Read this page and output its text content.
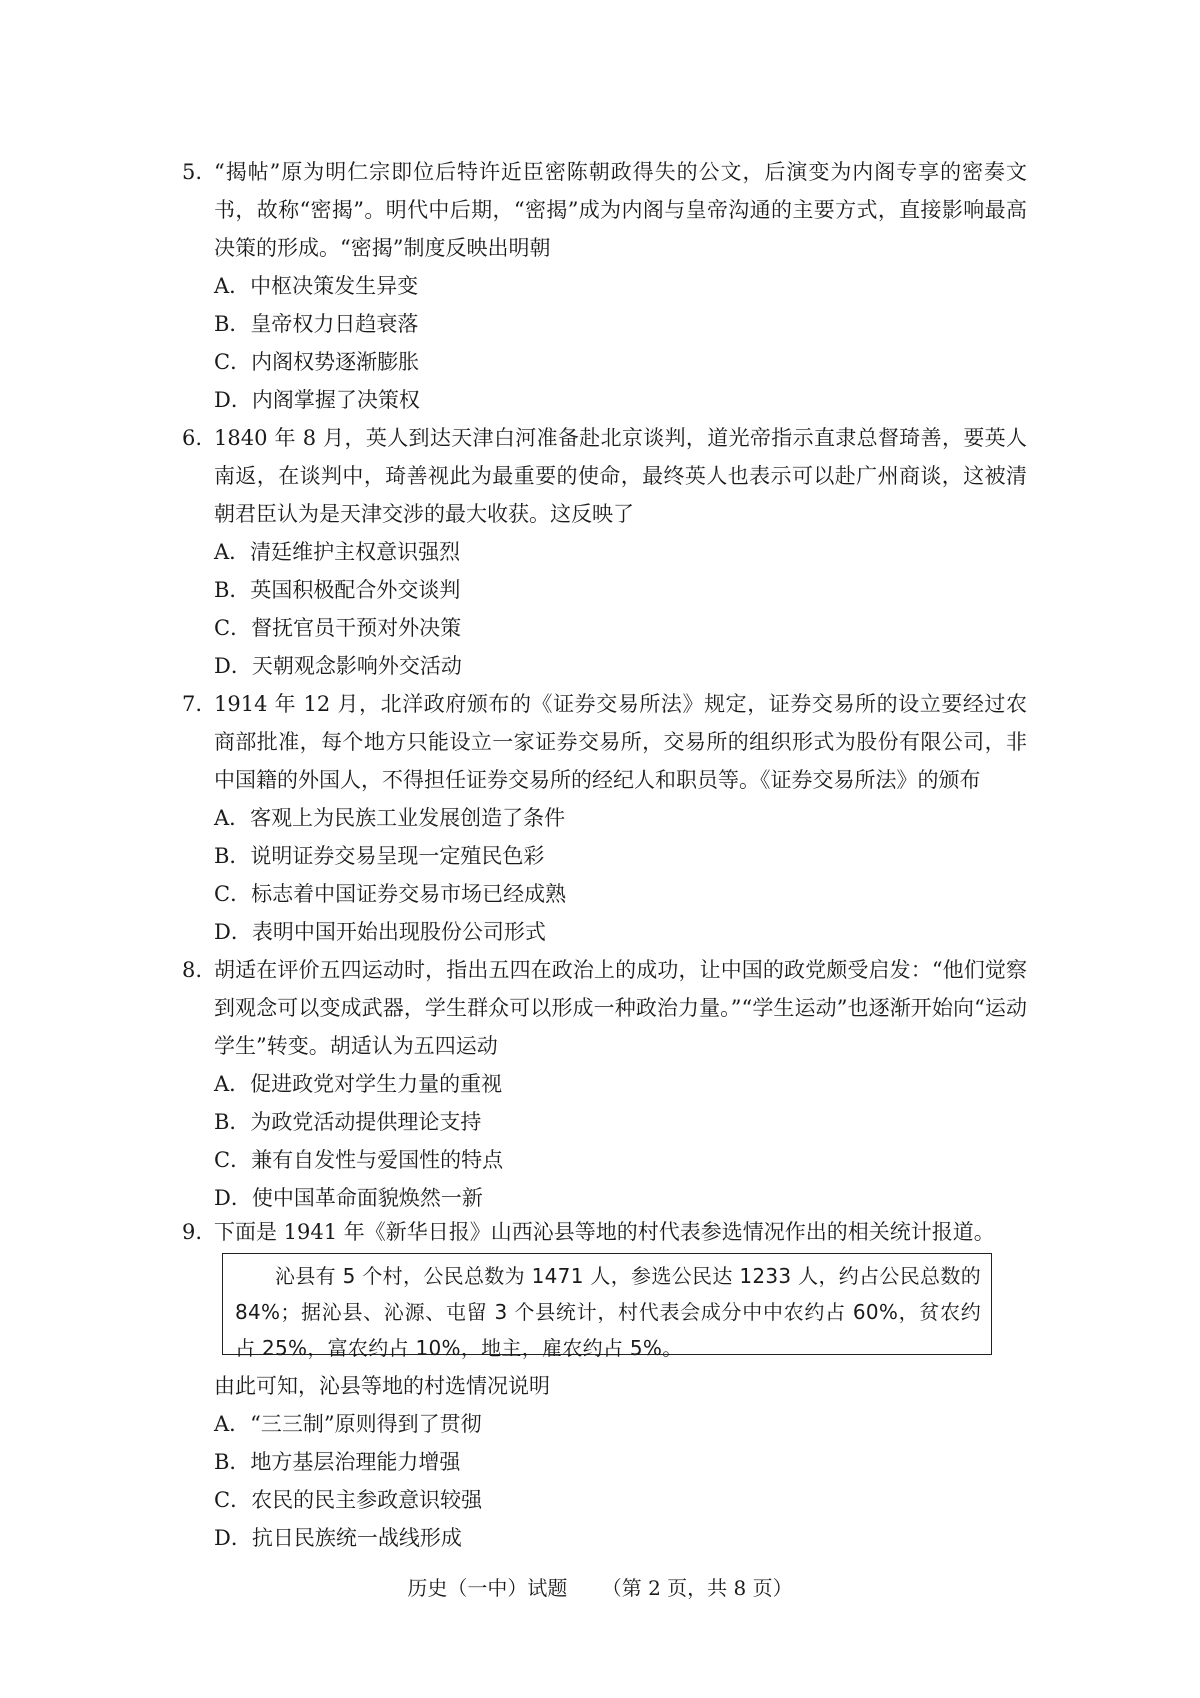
5. “揭帖”原为明仁宗即位后特许近臣密陈朝政得失的公文，后演变为内阁专享的密奏文书，故称“密揭”。明代中后期，“密揭”成为内阁与皇帝沟通的主要方式，直接影响最高决策的形成。“密揭”制度反映出明朝
A．中枢决策发生异变
B．皇帝权力日趋衰落
C．内阁权势逐渐膨胀
D．内阁掌握了决策权
6. 1840 年 8 月，英人到达天津白河准备赴北京谈判，道光帝指示直隶总督琦善，要英人南返，在谈判中，琦善视此为最重要的使命，最终英人也表示可以赴广州商谈，这被清朝君臣认为是天津交涉的最大收获。这反映了
A．清廷维护主权意识强烈
B．英国积极配合外交谈判
C．督抚官员干预对外决策
D．天朝观念影响外交活动
7. 1914 年 12 月，北洋政府颁布的《证券交易所法》规定，证券交易所的设立要经过农商部批准，每个地方只能设立一家证券交易所，交易所的组织形式为股份有限公司，非中国籍的外国人，不得担任证券交易所的经纪人和职员等。《证券交易所法》的颁布
A．客观上为民族工业发展创造了条件
B．说明证券交易呈现一定殖民色彩
C．标志着中国证券交易市场已经成熟
D．表明中国开始出现股份公司形式
8. 胡适在评价五四运动时，指出五四在政治上的成功，让中国的政党颇受启发：“他们觉察到观念可以变成武器，学生群众可以形成一种政治力量。”“学生运动”也逐渐开始向“运动学生”转变。胡适认为五四运动
A．促进政党对学生力量的重视
B．为政党活动提供理论支持
C．兼有自发性与爱国性的特点
D．使中国革命面貌焕然一新
9. 下面是 1941 年《新华日报》山西沁县等地的村代表参选情况作出的相关统计报道。
沁县有 5 个村，公民总数为 1471 人，参选公民达 1233 人，约占公民总数的84%；据沁县、沁源、屯留 3 个县统计，村代表会成分中中农约占 60%，贫农约占 25%，富农约占 10%，地主，雇农约占 5%。
由此可知，沁县等地的村选情况说明
A．“三三制”原则得到了贯彻
B．地方基层治理能力增强
C．农民的民主参政意识较强
D．抗日民族统一战线形成
历史（一中）试题 （第 2 页，共 8 页）
